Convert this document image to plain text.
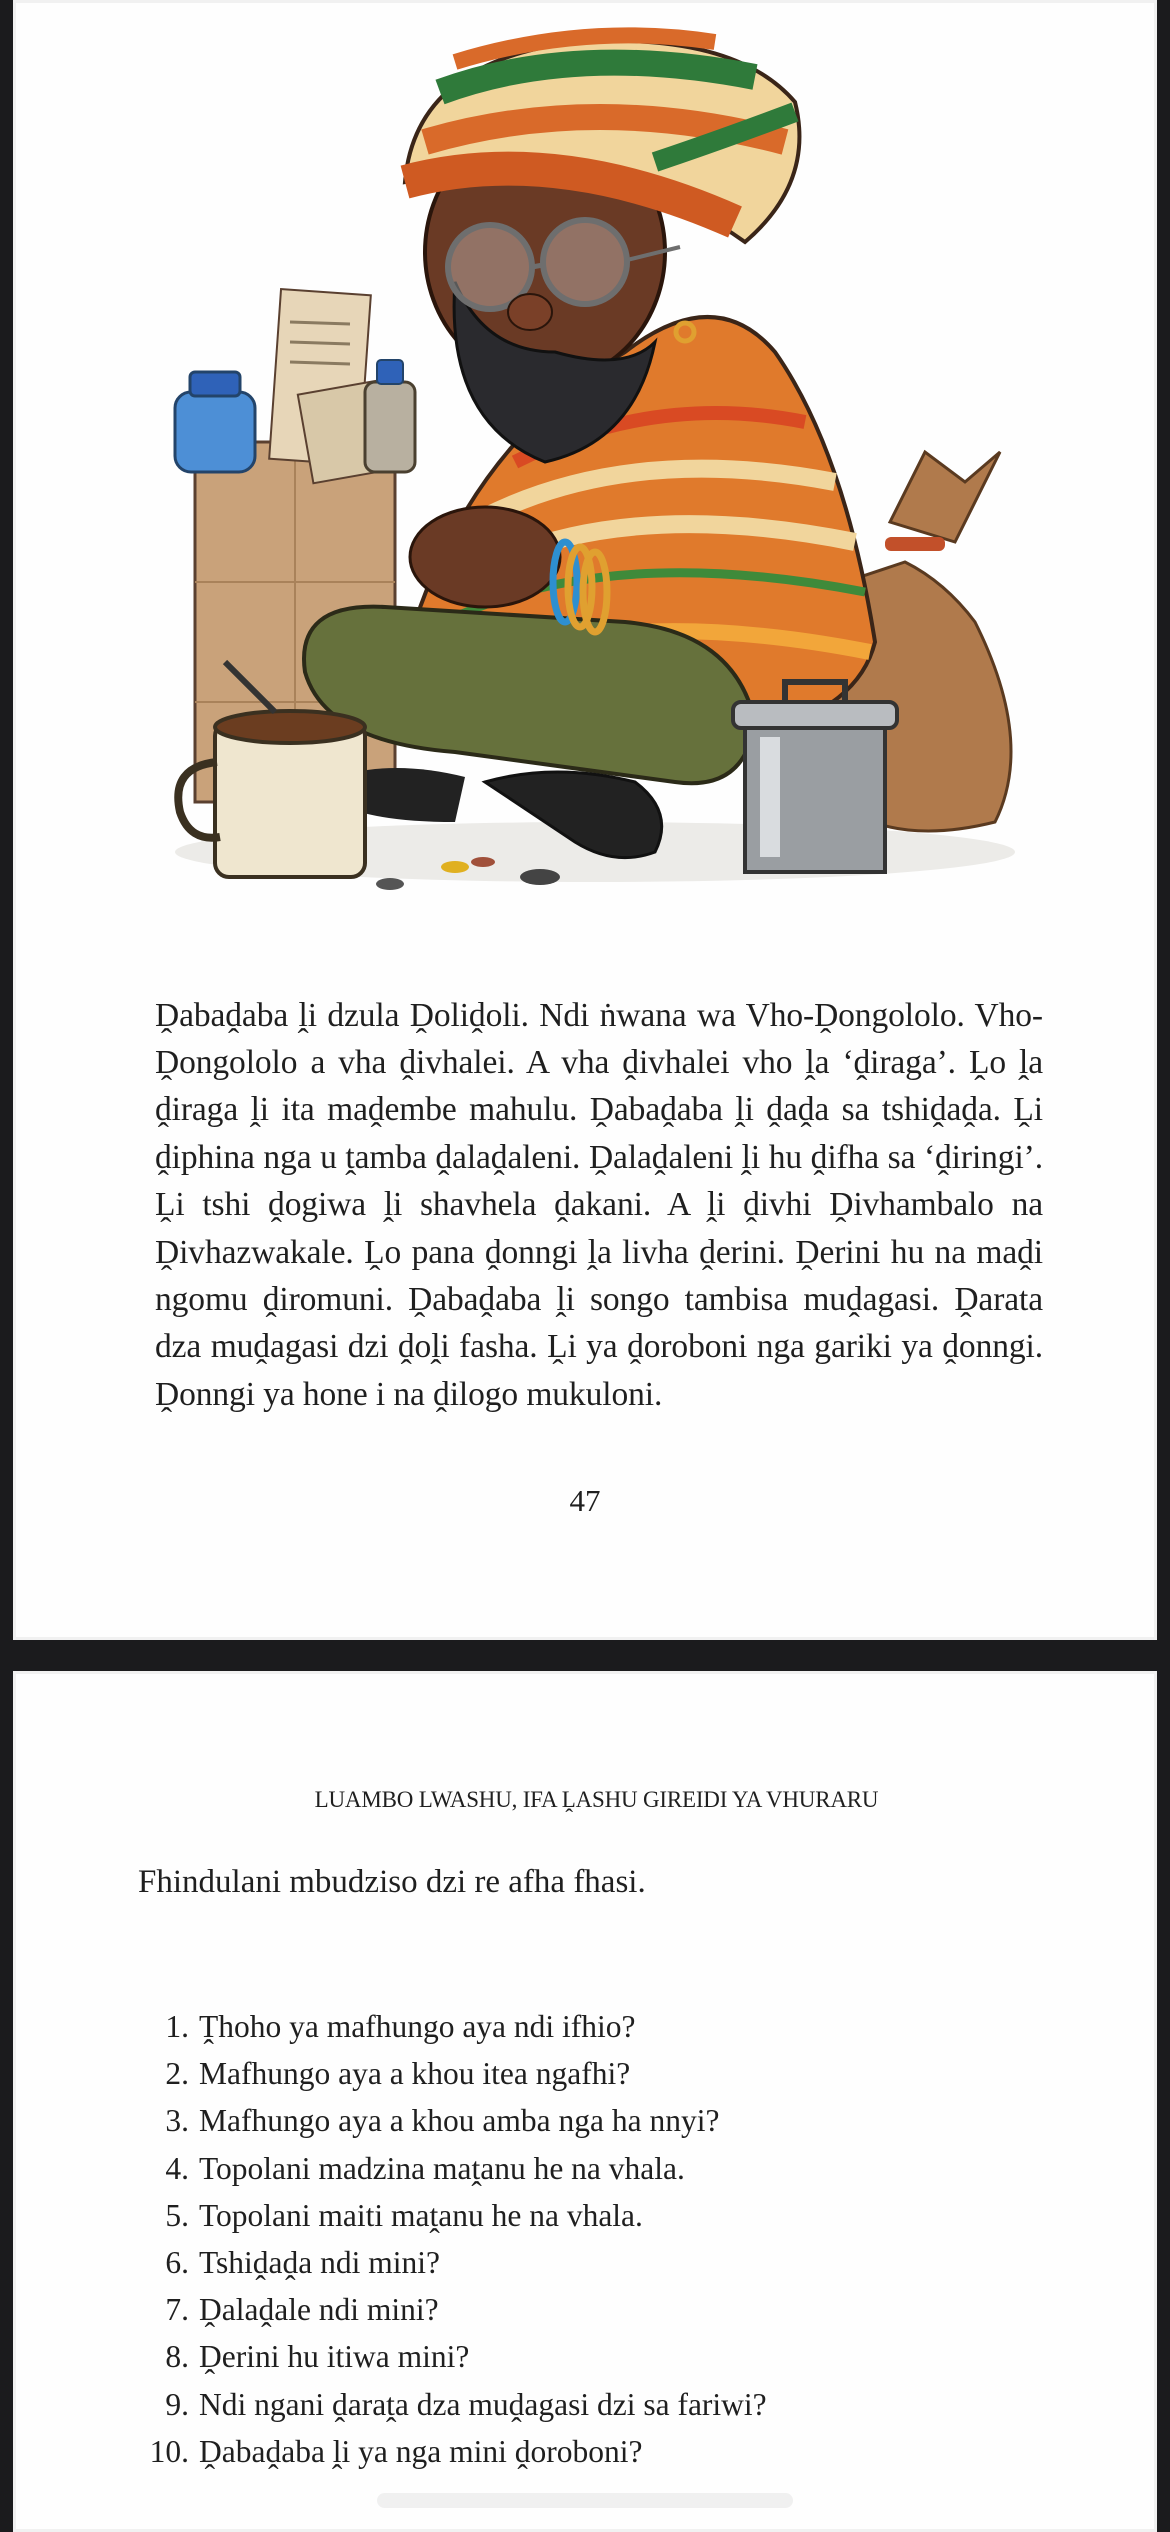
Ḓabaḓaba ḽi dzula Ḓoliḓoli. Ndi ṅwana wa Vho-Ḓongololo. Vho-Ḓongololo a vha ḓivhalei. A vha ḓivhalei vho ḽa ‘ḓiraga’. Ḽo ḽa ḓiraga ḽi ita maḓembe mahulu. Ḓabaḓaba ḽi ḓaḓa sa tshiḓaḓa. Ḽi ḓiphina nga u ṱamba ḓalaḓaleni. Ḓalaḓaleni ḽi hu ḓifha sa ‘ḓiringi’. Ḽi tshi ḓogiwa ḽi shavhela ḓakani. A ḽi ḓivhi Ḓivhambalo na Ḓivhazwakale. Ḽo pana ḓonngi ḽa livha ḓerini. Ḓerini hu na maḓi ngomu ḓiromuni. Ḓabaḓaba ḽi songo tambisa muḓagasi. Ḓarata dza muḓagasi dzi ḓoḽi fasha. Ḽi ya ḓoroboni nga gariki ya ḓonngi. Ḓonngi ya hone i na ḓilogo mukuloni.

47
LUAMBO LWASHU, IFA ḼASHU GIREIDI YA VHURARU
Fhindulani mbudziso dzi re afha fhasi.
1. Ṱhoho ya mafhungo aya ndi ifhio?
2. Mafhungo aya a khou itea ngafhi?
3. Mafhungo aya a khou amba nga ha nnyi?
4. Topolani madzina maṱanu he na vhala.
5. Topolani maiti maṱanu he na vhala.
6. Tshiḓaḓa ndi mini?
7. Ḓalaḓale ndi mini?
8. Ḓerini hu itiwa mini?
9. Ndi ngani ḓaraṱa dza muḓagasi dzi sa fariwi?
10. Ḓabaḓaba ḽi ya nga mini ḓoroboni?
